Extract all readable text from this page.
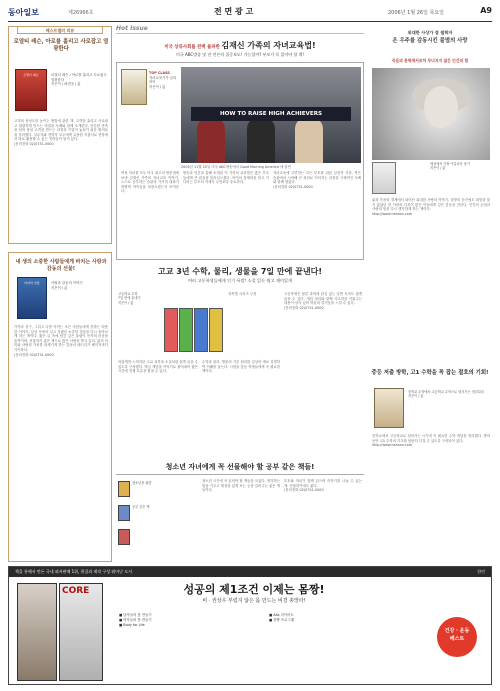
동아일보	제26966호	전 면 광 고	2006년 1월 26일 목요일	A9
베스트셀러 리뷰
로열티 레슨, 아로를 홀리고 사로잡고 열광한다
로열티 레슨	로열티 레슨 / 아로를 홀리고 사로잡고 열광한다
지은이 / 펴낸곳 / 값
고객의 충성도를 높이는 방법에 관한 책. 고객을 홀리고 사로잡고 열광하게 만드는 비결을 사례와 함께 소개한다. 단순한 만족을 넘어 충성 고객을 만드는 과정과 기업이 놓치기 쉬운 원칙들을 정리했다. 실무자와 경영자 모두에게 유용한 지침서로 현장에서 바로 활용할 수 있는 전략들이 담겨 있다.
(문의전화 02)0751-0000
내 생의 소중한 사람들에게 바치는 사랑과 감동의 선물!
마지막 선물	사랑과 감동의 이야기
지은이 / 값
가족과 친구, 그리고 나를 아끼는 모든 사람들에게 전하는 따뜻한 이야기. 일상 속에서 잊고 지냈던 소중한 것들을 다시 돌아보게 하는 책이다. 짧은 글 속에 담긴 깊은 울림이 독자의 마음을 움직이며, 선물하기 좋은 책으로 많은 사랑을 받고 있다. 삶의 의미와 사랑의 가치를 되새기게 하는 감동의 메시지가 페이지마다 가득하다.
(문의전화 02)0751-0000
Hot Issue
미국 상류사회를 완벽 돌파한 김재신 가족의 자녀교육법!
미국 ABC방송 및 전 언론의 집중보도! 가능할까? 부모가 꼭 읽어야 할 책!
TOP CLASS
자녀교육기가 꿈의 아이
지은이 / 값
HOW TO RAISE HIGH ACHIEVERS
2005년 11월 25일 미국 ABC방송에서 Good Morning America 에 출연
여섯 자녀를 모두 미국 최고의 명문대에 보낸 김재신 가족의 자녀교육 이야기. 스스로 공부하는 습관과 가족의 대화가 어떻게 아이들을 성장시켰는지 보여준다.
방송과 언론을 통해 소개된 이 가족의 교육법은 많은 부모들에게 큰 관심을 불러일으켰다. 아이의 잠재력을 믿고 기다리는 부모의 자세가 무엇보다 중요하다.
자녀교육에 고민하는 모든 부모를 위한 실천적 지침. 작은 습관에서 시작해 큰 성취로 이어지는 과정을 구체적인 사례와 함께 담았다.
(문의전화 02)0751-0000
고교 3년 수학, 물리, 생물을 7일 만에 끝낸다!
여러 고등학생들에게 인기 폭발! 소설 읽듯 쉽고 재미있게
고등학교 수학
7일 만에 끝내기
지은이 / 값
과목별 시리즈 구성
어렵게만 느껴지던 고교 과목을 소설처럼 쉽게 읽을 수 있도록 구성했다. 핵심 개념을 이야기로 풀어내어 짧은 시간에 전체 흐름을 잡을 수 있다.
수학과 물리, 생물의 기본 원리를 일상의 예로 설명하여 이해를 돕는다. 시험을 앞둔 학생들에게 꼭 필요한 책이다.
고등학생은 물론 과학에 관심 있는 일반 독자도 쉽게 읽을 수 있다. 개념 정리와 함께 사고력을 키워주는 내용이 담겨 있어 학습의 즐거움을 느낄 수 있다.
(문의전화 02)0751-0000
청소년 자녀에게 꼭 선물해야 할 공부 같은 책들!
청소년을 위한
공부 같은 책
청소년 시기에 꼭 읽어야 할 책들을 모았다. 생각하는 힘을 키우고 세상을 넓게 보는 눈을 길러주는 좋은 책들이다.
부모와 자녀가 함께 읽으며 이야기를 나눌 수 있는 책. 선물하기에도 좋다.
(문의전화 02)0751-0000
위대한 사상가 겸 철학자
온 우주를 감동시킨 불멸의 사랑
죽음의 문턱에서조차 무너지지 않은 인간의 힘
세상에서 가장 아름다운 용기
지은이 / 값
삶과 죽음의 경계에서 피어난 위대한 사랑의 이야기. 절망의 순간에도 희망을 잃지 않았던 한 사람의 기록이 많은 이들에게 깊은 감동을 전한다. 인간의 존엄과 사랑의 힘을 다시 생각하게 하는 책이다.
http://www.hanson.com
중등 저출 방학, 고1 수학을 꼭 잡는 절호의 기회!
중학교 수학에서 고등학교 수학으로 넘어가는 징검다리
지은이 / 값
중학교에서 고등학교로 넘어가는 시기에 꼭 필요한 수학 개념을 정리했다. 방학 동안 고1 수학의 기초를 탄탄히 다질 수 있도록 구성되어 있다.
http://www.hanson.com
책을 통해서 만든 국내 외서판매 1위, 편집과 제작 구성 뛰어난 도서	한언
CORE	성공의 제1조건 이제는 몸짱!
비 · 권상우 부럽지 않은 몸 만드는 비결 총망라!
■ 남자들의 몸 만들기
■ 여자들의 몸 만들기
■ Body for Life
■ Abs 다이어트
■ 몸짱 프로그램
건강 · 운동
베스트
